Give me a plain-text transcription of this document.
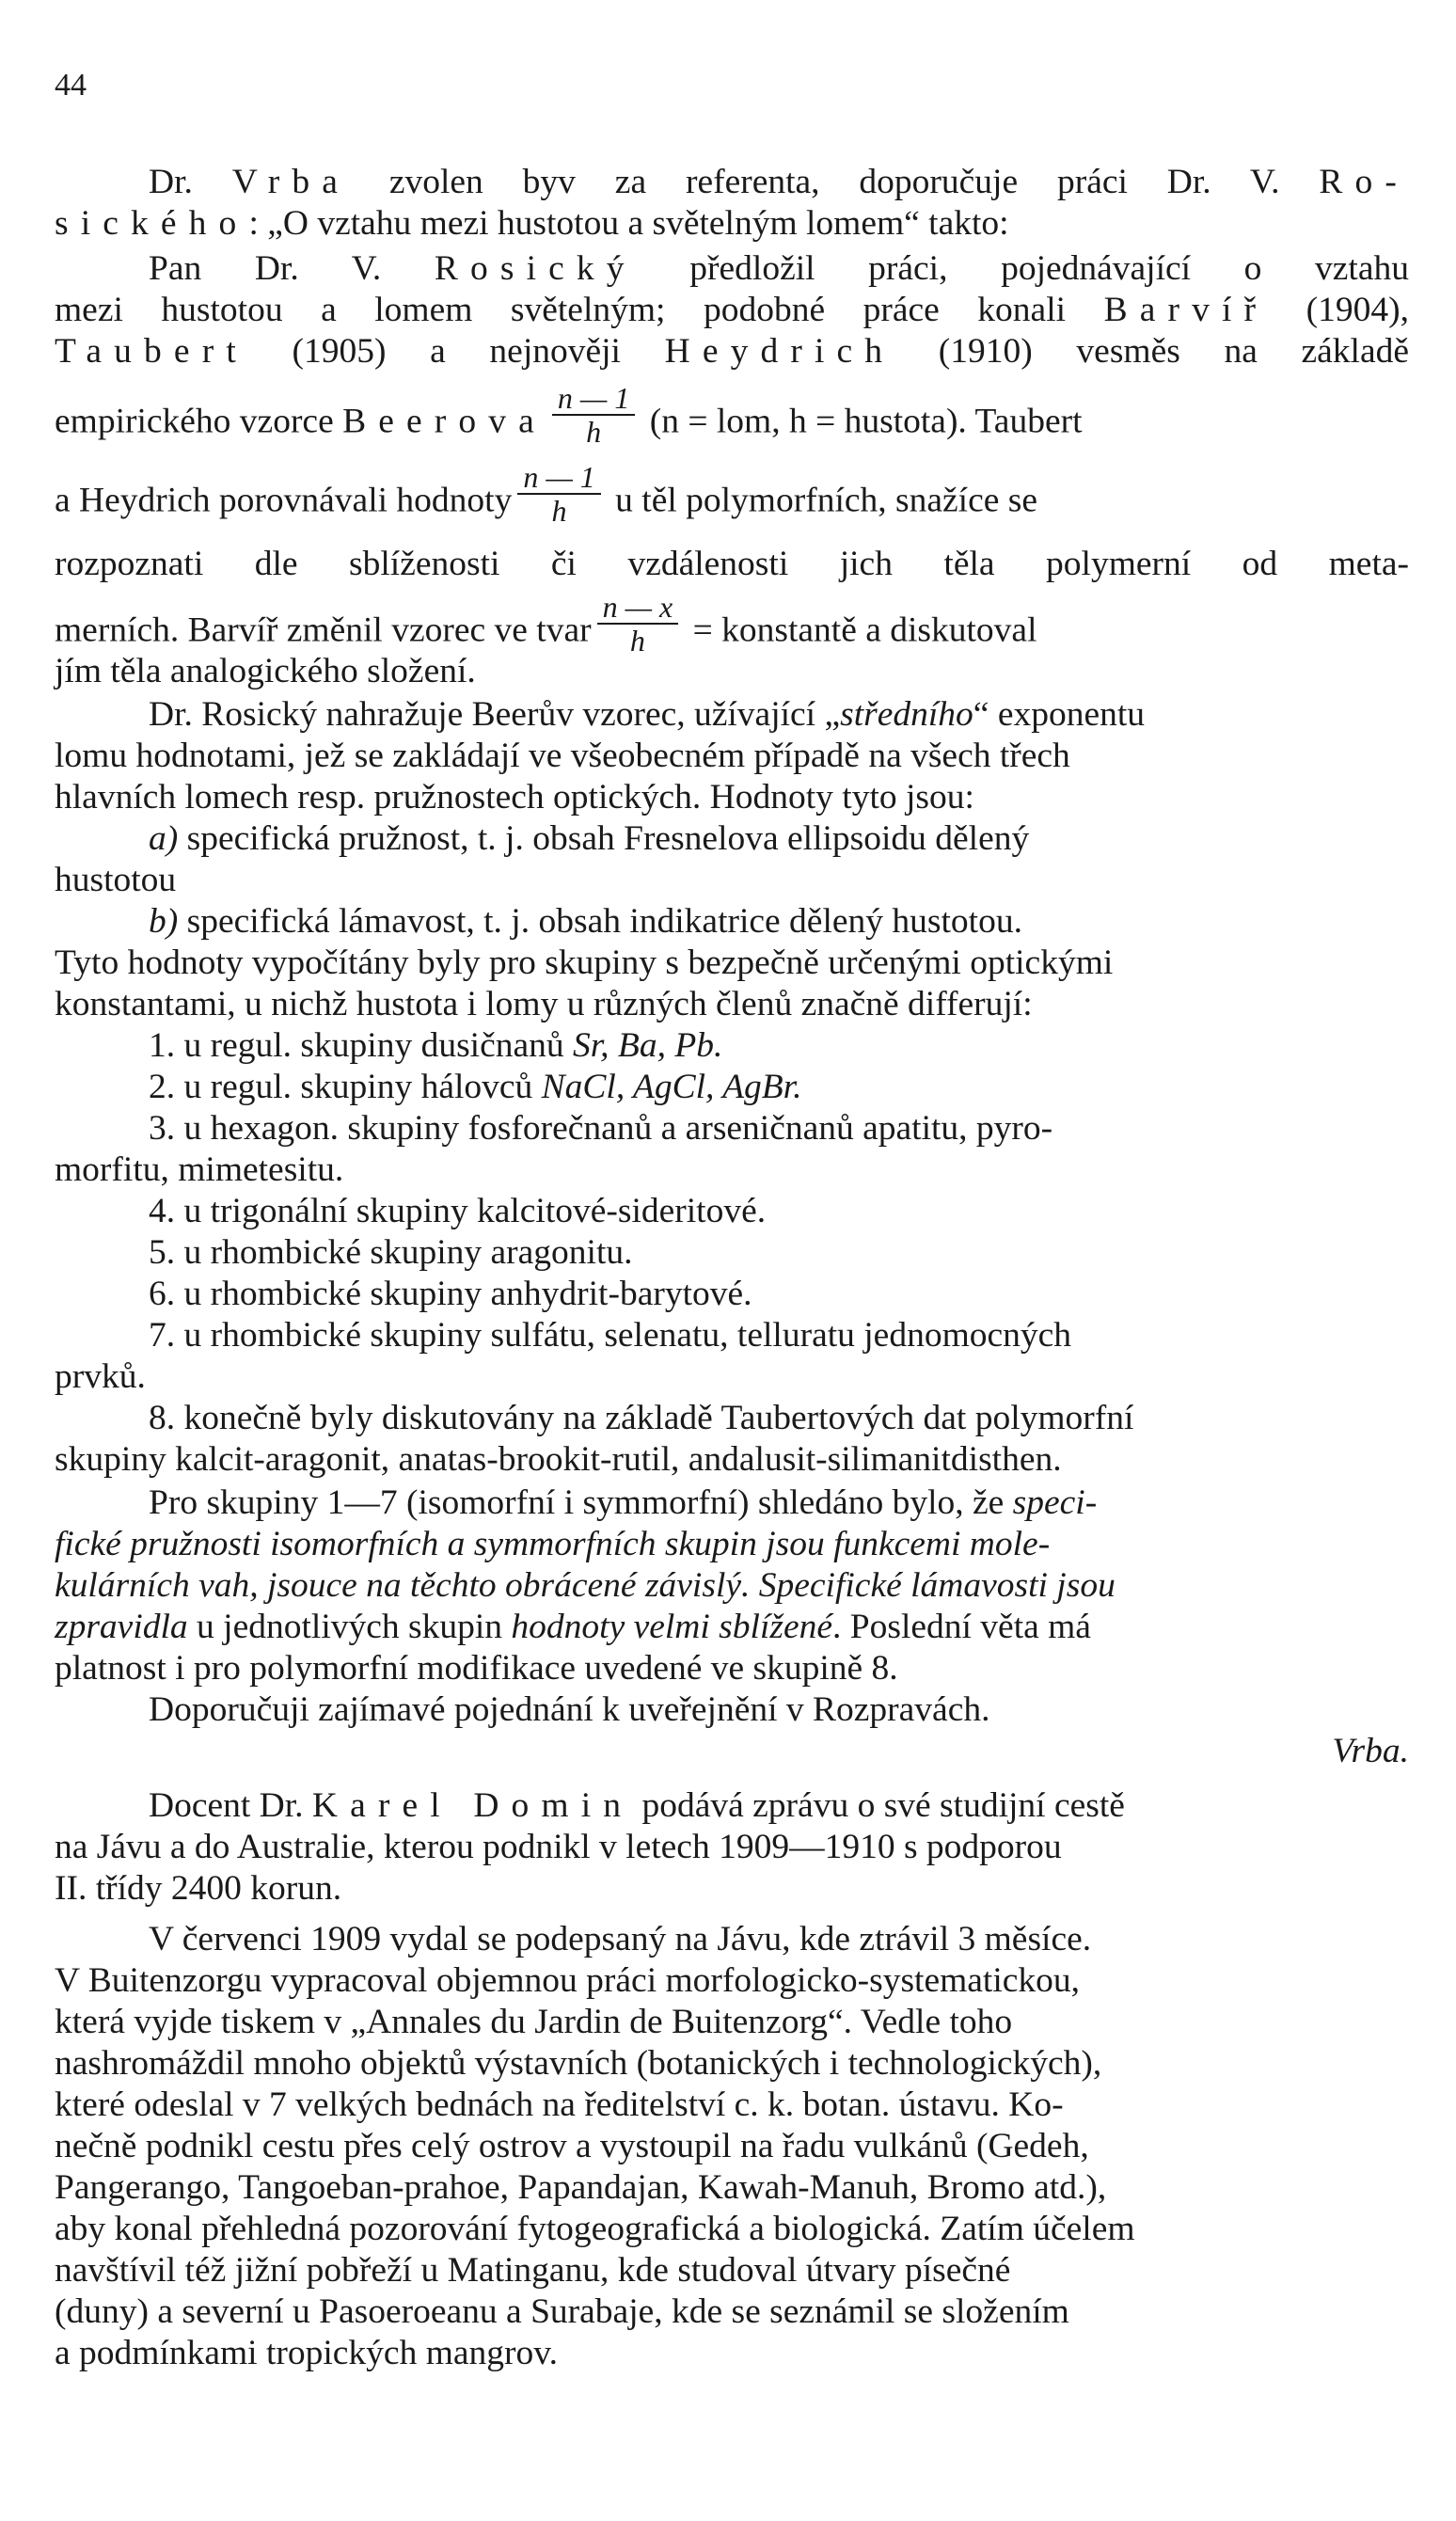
44
Dr. Vrba zvolen byv za referenta, doporučuje práci Dr. V. Ro-
sického: „O vztahu mezi hustotou a světelným lomem“ takto:
Pan Dr. V. Rosický předložil práci, pojednávající o vztahu
mezi hustotou a lomem světelným; podobné práce konali Barvíř (1904),
Taubert (1905) a nejnověji Heydrich (1910) vesměs na základě
empirického vzorce Beerova $\frac{n — 1}{h} (n$ = lom, h = hustota). Taubert
a Heydrich porovnávali hodnoty $\frac{n — 1}{h}$ u těl polymorfních, snažíce se
rozpoznati dle sblíženosti či vzdálenosti jich těla polymerní od meta-
merních. Barvíř změnil vzorec ve tvar $\frac{n — x}{h}$ = konstantě a diskutoval
jím těla analogického složení.
Dr. Rosický nahražuje Beerův vzorec, užívající „středního“ exponentu
lomu hodnotami, jež se zakládají ve všeobecném případě na všech třech
hlavních lomech resp. pružnostech optických. Hodnoty tyto jsou:
a) specifická pružnost, t. j. obsah Fresnelova ellipsoidu dělený
hustotou
b) specifická lámavost, t. j. obsah indikatrice dělený hustotou.
Tyto hodnoty vypočítány byly pro skupiny s bezpečně určenými optickými
konstantami, u nichž hustota i lomy u různých členů značně differují:
1. u regul. skupiny dusičnanů Sr, Ba, Pb.
2. u regul. skupiny hálovců NaCl, AgCl, AgBr.
3. u hexagon. skupiny fosforečnanů a arseničnanů apatitu, pyro-
morfitu, mimetesitu.
4. u trigonální skupiny kalcitové-sideritové.
5. u rhombické skupiny aragonitu.
6. u rhombické skupiny anhydrit-barytové.
7. u rhombické skupiny sulfátu, selenatu, telluratu jednomocných
prvků.
8. konečně byly diskutovány na základě Taubertových dat polymorfní
skupiny kalcit-aragonit, anatas-brookit-rutil, andalusit-silimanitdisthen.
Pro skupiny 1—7 (isomorfní i symmorfní) shledáno bylo, že speci-
fické pružnosti isomorfních a symmorfních skupin jsou funkcemi mole-
kulárních vah, jsouce na těchto obrácené závislý. Specifické lámavosti jsou
zpravidla u jednotlivých skupin hodnoty velmi sblížené. Poslední věta má
platnost i pro polymorfní modifikace uvedené ve skupině 8.
Doporučuji zajímavé pojednání k uveřejnění v Rozpravách.
Vrba.
Docent Dr. Karel Domin podává zprávu o své studijní cestě
na Jávu a do Australie, kterou podnikl v letech 1909—1910 s podporou
II. třídy 2400 korun.
V červenci 1909 vydal se podepsaný na Jávu, kde ztrávil 3 měsíce.
V Buitenzorgu vypracoval objemnou práci morfologicko-systematickou,
která vyjde tiskem v „Annales du Jardin de Buitenzorg“. Vedle toho
nashromáždil mnoho objektů výstavních (botanických i technologických),
které odeslal v 7 velkých bednách na ředitelství c. k. botan. ústavu. Ko-
nečně podnikl cestu přes celý ostrov a vystoupil na řadu vulkánů (Gedeh,
Pangerango, Tangoeban-prahoe, Papandajan, Kawah-Manuh, Bromo atd.),
aby konal přehledná pozorování fytogeografická a biologická. Zatím účelem
navštívil též jižní pobřeží u Matinganu, kde studoval útvary písečné
(duny) a severní u Pasoeroeanu a Surabaje, kde se seznámil se složením
a podmínkami tropických mangrov.
